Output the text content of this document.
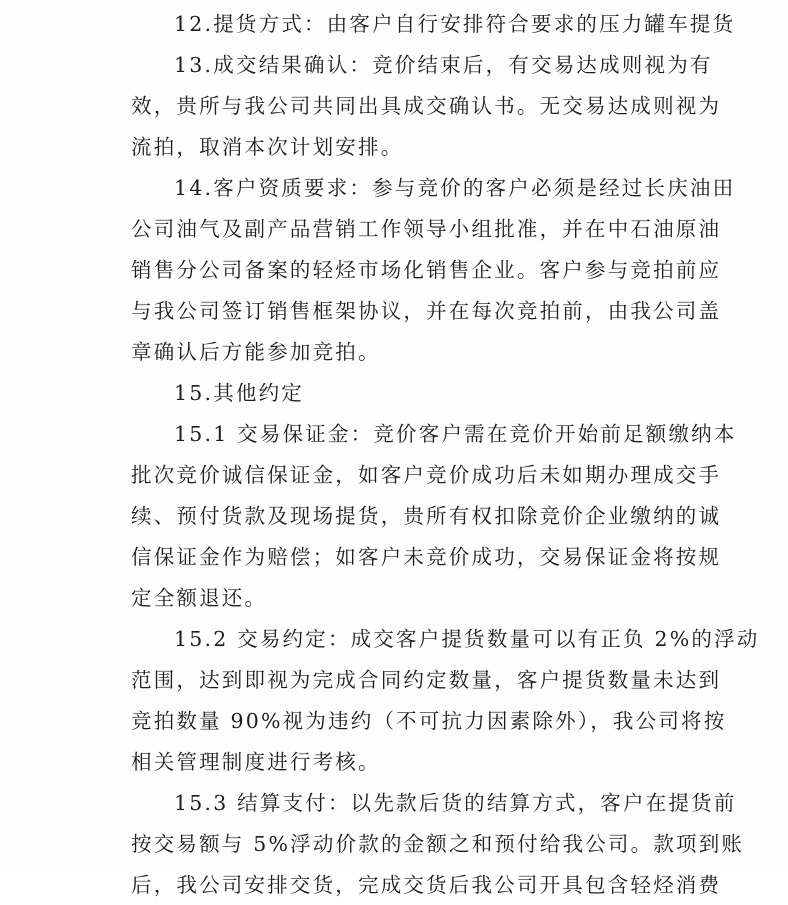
12.提货方式：由客户自行安排符合要求的压力罐车提货
13.成交结果确认：竞价结束后，有交易达成则视为有
效，贵所与我公司共同出具成交确认书。无交易达成则视为
流拍，取消本次计划安排。
14.客户资质要求：参与竞价的客户必须是经过长庆油田
公司油气及副产品营销工作领导小组批准，并在中石油原油
销售分公司备案的轻烃市场化销售企业。客户参与竞拍前应
与我公司签订销售框架协议，并在每次竞拍前，由我公司盖
章确认后方能参加竞拍。
15.其他约定
15.1 交易保证金：竞价客户需在竞价开始前足额缴纳本
批次竞价诚信保证金，如客户竞价成功后未如期办理成交手
续、预付货款及现场提货，贵所有权扣除竞价企业缴纳的诚
信保证金作为赔偿；如客户未竞价成功，交易保证金将按规
定全额退还。
15.2 交易约定：成交客户提货数量可以有正负 2%的浮动
范围，达到即视为完成合同约定数量，客户提货数量未达到
竞拍数量 90%视为违约（不可抗力因素除外），我公司将按
相关管理制度进行考核。
15.3 结算支付：以先款后货的结算方式，客户在提货前
按交易额与 5%浮动价款的金额之和预付给我公司。款项到账
后，我公司安排交货，完成交货后我公司开具包含轻烃消费
